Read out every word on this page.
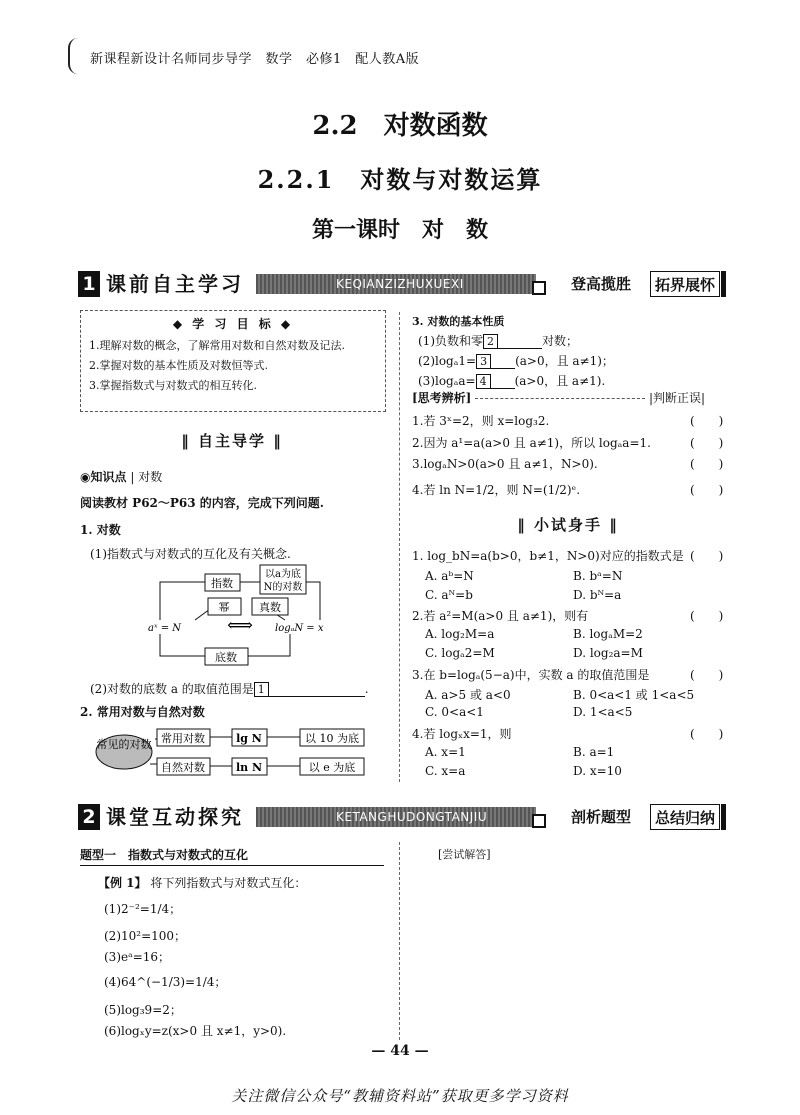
新课程新设计名师同步导学　数学　必修1　配人教A版
2.2　对数函数
2.2.1　对数与对数运算
第一课时　对　数
1 课前自主学习	KEQIANZIZHUXUEXI	登高揽胜	拓界展怀
◆ 学 习 目 标 ◆
1.理解对数的概念，了解常用对数和自然对数及记法.
2.掌握对数的基本性质及对数恒等式.
3.掌握指数式与对数式的相互转化.
‖ 自主导学 ‖
◉知识点 | 对数
阅读教材 P62～P63 的内容，完成下列问题.
1. 对数
(1)指数式与对数式的互化及有关概念.
指数
以a为底
N的对数
幂	真数
aˣ = N	⟺ logₐN = x
底数
(2)对数的底数 a 的取值范围是 1	.
2. 常用对数与自然对数
常见的对数 常用对数	lg N	以 10 为底
自然对数	ln N	以 e 为底
3. 对数的基本性质
(1)负数和零 2	对数；
(2)logₐ1= 3 (a>0，且 a≠1)；
(3)logₐa= 4 (a>0，且 a≠1).
[思考辨析]	|判断正误|
1.若 3ˣ=2，则 x=log₃2.	(　　)
2.因为 a¹=a(a>0 且 a≠1)，所以 logₐa=1.	(　　)
3.logₐN>0(a>0 且 a≠1，N>0).	(　　)
4.若 ln N=1/2，则 N=(1/2)ᵉ.	(　　)
‖ 小试身手 ‖
1. log_bN=a(b>0，b≠1，N>0)对应的指数式是 (　　)
A. aᵇ=N	B. bᵃ=N
C. aᴺ=b	D. bᴺ=a
2.若 a²=M(a>0 且 a≠1)，则有	(　　)
A. log₂M=a	B. logₐM=2
C. logₐ2=M	D. log₂a=M
3.在 b=logₐ(5−a)中，实数 a 的取值范围是	(　　)
A. a>5 或 a<0	B. 0<a<1 或 1<a<5
C. 0<a<1	D. 1<a<5
4.若 logₓx=1，则	(　　)
A. x=1	B. a=1
C. x=a	D. x=10
2 课堂互动探究	KETANGHUDONGTANJIU	剖析题型	总结归纳
题型一　指数式与对数式的互化	[尝试解答]
【例 1】 将下列指数式与对数式互化：
(1)2⁻²=1/4；
(2)10²=100；
(3)eᵃ=16；
(4)64^(−1/3)=1/4；
(5)log₃9=2；
(6)logₓy=z(x>0 且 x≠1，y>0).
— 44 —
关注微信公众号“教辅资料站”获取更多学习资料
